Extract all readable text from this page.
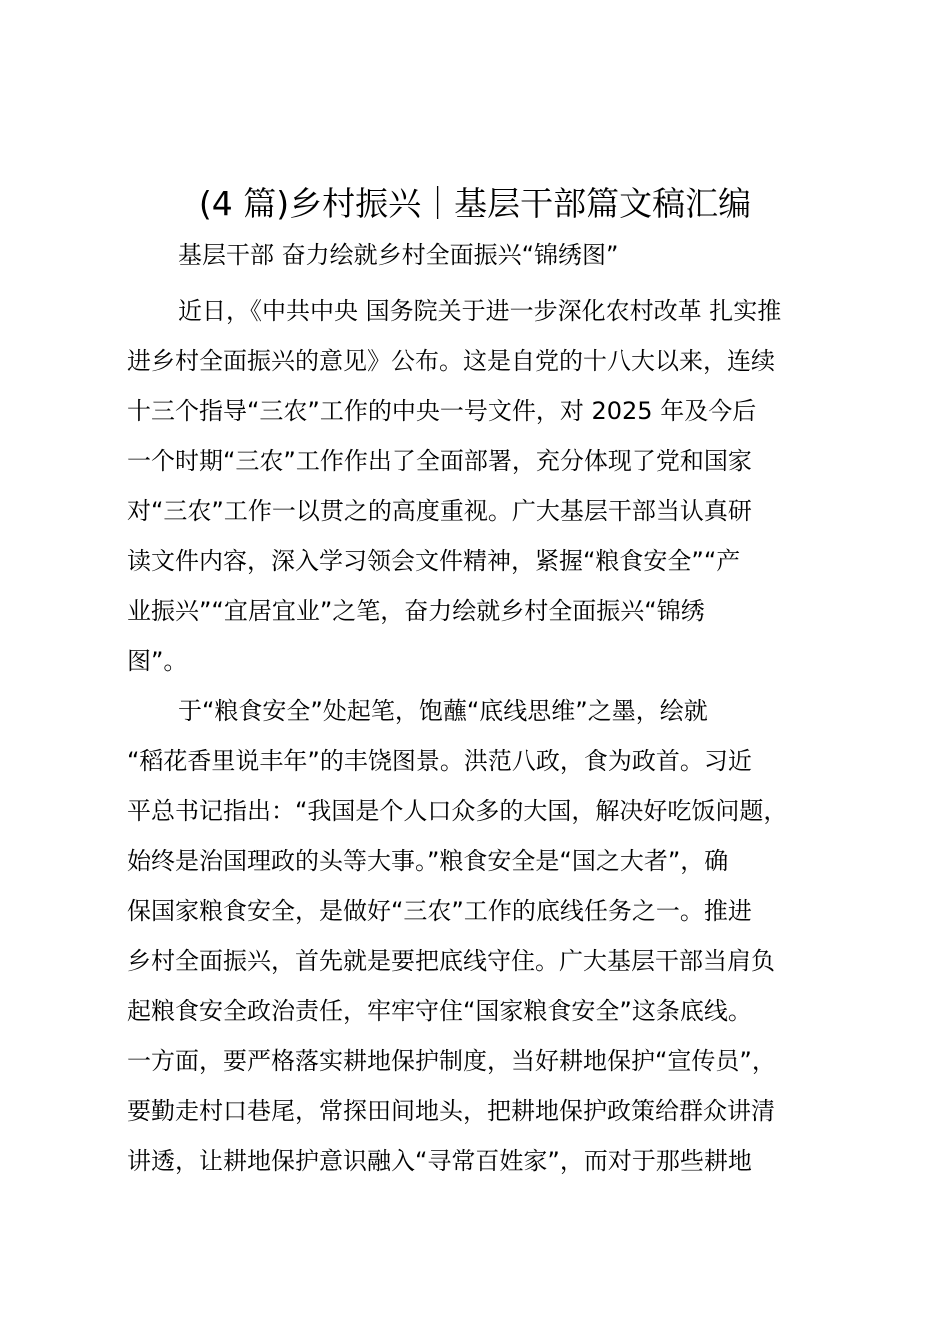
(4 篇)乡村振兴｜基层干部篇文稿汇编
基层干部 奋力绘就乡村全面振兴“锦绣图”
近日，《中共中央 国务院关于进一步深化农村改革 扎实推
进乡村全面振兴的意见》公布。这是自党的十八大以来，连续
十三个指导“三农”工作的中央一号文件，对 2025 年及今后
一个时期“三农”工作作出了全面部署，充分体现了党和国家
对“三农”工作一以贯之的高度重视。广大基层干部当认真研
读文件内容，深入学习领会文件精神，紧握“粮食安全”“产
业振兴”“宜居宜业”之笔，奋力绘就乡村全面振兴“锦绣
图”。
于“粮食安全”处起笔，饱蘸“底线思维”之墨，绘就
“稻花香里说丰年”的丰饶图景。洪范八政，食为政首。习近
平总书记指出：“我国是个人口众多的大国，解决好吃饭问题，
始终是治国理政的头等大事。”粮食安全是“国之大者”，确
保国家粮食安全，是做好“三农”工作的底线任务之一。推进
乡村全面振兴，首先就是要把底线守住。广大基层干部当肩负
起粮食安全政治责任，牢牢守住“国家粮食安全”这条底线。
一方面，要严格落实耕地保护制度，当好耕地保护“宣传员”，
要勤走村口巷尾，常探田间地头，把耕地保护政策给群众讲清
讲透，让耕地保护意识融入“寻常百姓家”，而对于那些耕地
